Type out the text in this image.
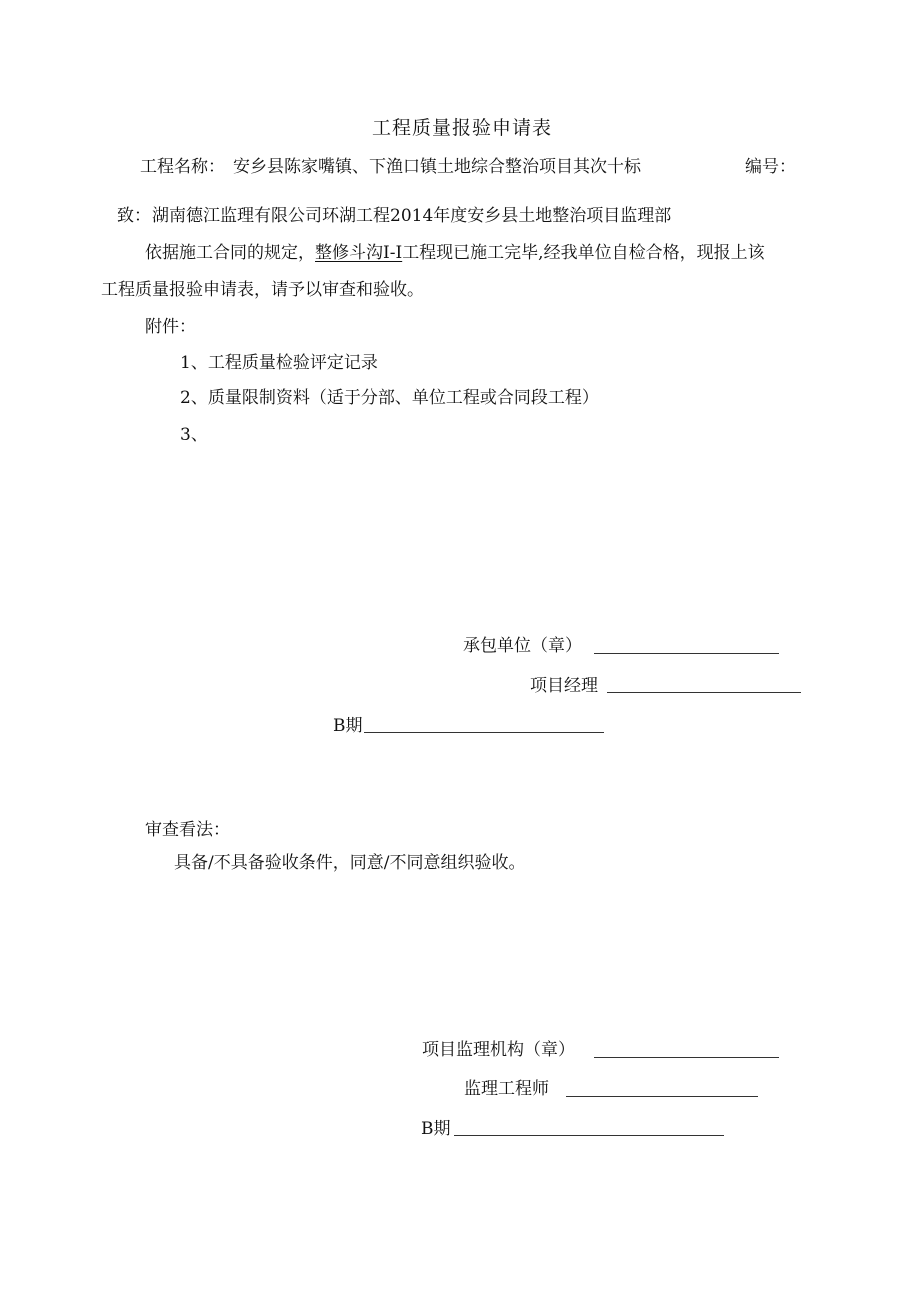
工程质量报验申请表
工程名称： 安乡县陈家嘴镇、下渔口镇土地综合整治项目其次十标	编号：
致： 湖南德江监理有限公司环湖工程2014年度安乡县土地整治项目监理部
依据施工合同的规定，整修斗沟I-I工程现已施工完毕,经我单位自检合格，现报上该
工程质量报验申请表，请予以审查和验收。
附件：
1、工程质量检验评定记录
2、质量限制资料（适于分部、单位工程或合同段工程）
3、
承包单位（章）
项目经理
B期
审查看法：
具备/不具备验收条件，同意/不同意组织验收。
项目监理机构（章）
监理工程师
B期
